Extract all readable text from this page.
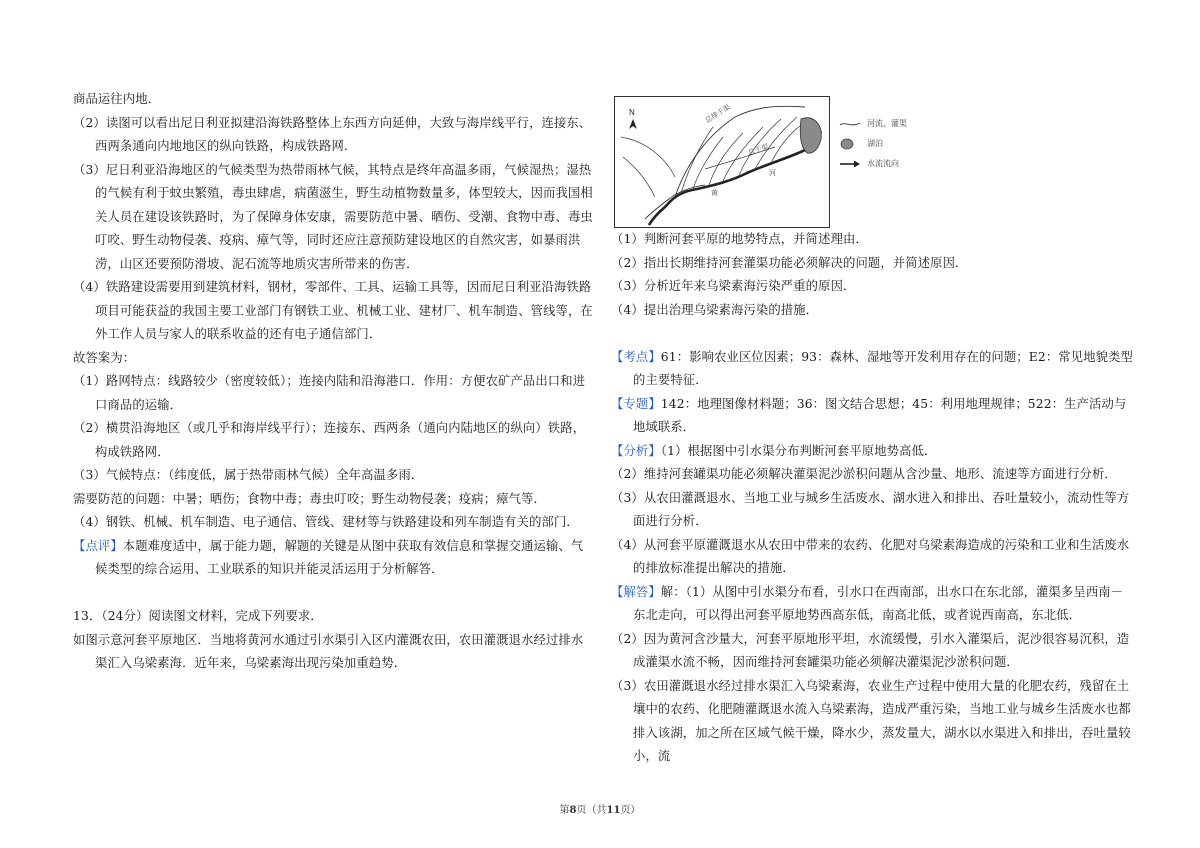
商品运往内地．

（2）读图可以看出尼日利亚拟建沿海铁路整体上东西方向延伸，大致与海岸线平行，连接东、西两条通向内地地区的纵向铁路，构成铁路网．

（3）尼日利亚沿海地区的气候类型为热带雨林气候，其特点是终年高温多雨，气候湿热；湿热的气候有利于蚊虫繁殖，毒虫肆虐，病菌滋生，野生动植物数量多，体型较大，因而我国相关人员在建设该铁路时，为了保障身体安康，需要防范中暑、晒伤、受潮、食物中毒、毒虫叮咬、野生动物侵袭、疫病、瘴气等，同时还应注意预防建设地区的自然灾害，如暴雨洪涝，山区还要预防滑坡、泥石流等地质灾害所带来的伤害．

（4）铁路建设需要用到建筑材料，钢材，零部件、工具、运输工具等，因而尼日利亚沿海铁路项目可能获益的我国主要工业部门有钢铁工业、机械工业、建材厂、机车制造、管线等，在外工作人员与家人的联系收益的还有电子通信部门．

故答案为：

（1）路网特点：线路较少（密度较低）；连接内陆和沿海港口．作用：方便农矿产品出口和进口商品的运输．

（2）横贯沿海地区（或几乎和海岸线平行）；连接东、西两条（通向内陆地区的纵向）铁路，构成铁路网．

（3）气候特点：（纬度低，属于热带雨林气候）全年高温多雨．

需要防范的问题：中暑；晒伤；食物中毒；毒虫叮咬；野生动物侵袭；疫病；瘴气等．

（4）钢铁、机械、机车制造、电子通信、管线、建材等与铁路建设和列车制造有关的部门．

【点评】本题难度适中，属于能力题，解题的关键是从图中获取有效信息和掌握交通运输、气候类型的综合运用、工业联系的知识并能灵活运用于分析解答．

13．（24分）阅读图文材料，完成下列要求．

如图示意河套平原地区．当地将黄河水通过引水渠引入区内灌溉农田，农田灌溉退水经过排水渠汇入乌梁素海．近年来，乌梁素海出现污染加重趋势．

N	总排干渠
总干渠
黄
河
河流、灌渠
湖泊
水流流向

（1）判断河套平原的地势特点，并简述理由．

（2）指出长期维持河套灌渠功能必须解决的问题，并简述原因．

（3）分析近年来乌梁素海污染严重的原因．

（4）提出治理乌梁素海污染的措施．

【考点】61：影响农业区位因素；93：森林、湿地等开发利用存在的问题；E2：常见地貌类型的主要特征．

【专题】142：地理图像材料题；36：图文结合思想；45：利用地理规律；522：生产活动与地域联系．

【分析】（1）根据图中引水渠分布判断河套平原地势高低．

（2）维持河套罐渠功能必须解决灌渠泥沙淤积问题从含沙量、地形、流速等方面进行分析．

（3）从农田灌溉退水、当地工业与城乡生活废水、湖水进入和排出、吞吐量较小，流动性等方面进行分析．

（4）从河套平原灌溉退水从农田中带来的农药、化肥对乌梁素海造成的污染和工业和生活废水的排放标准提出解决的措施．

【解答】解：（1）从图中引水渠分布看，引水口在西南部，出水口在东北部，灌渠多呈西南－东北走向，可以得出河套平原地势西高东低，南高北低，或者说西南高，东北低．

（2）因为黄河含沙量大，河套平原地形平坦，水流缓慢，引水入灌渠后，泥沙很容易沉积，造成灌渠水流不畅，因而维持河套罐渠功能必须解决灌渠泥沙淤积问题．

（3）农田灌溉退水经过排水渠汇入乌梁素海，农业生产过程中使用大量的化肥农药，残留在土壤中的农药、化肥随灌溉退水流入乌梁素海，造成严重污染，当地工业与城乡生活废水也都排入该湖，加之所在区域气候干燥，降水少，蒸发量大，湖水以水渠进入和排出，吞吐量较小，流

第8页（共11页）
